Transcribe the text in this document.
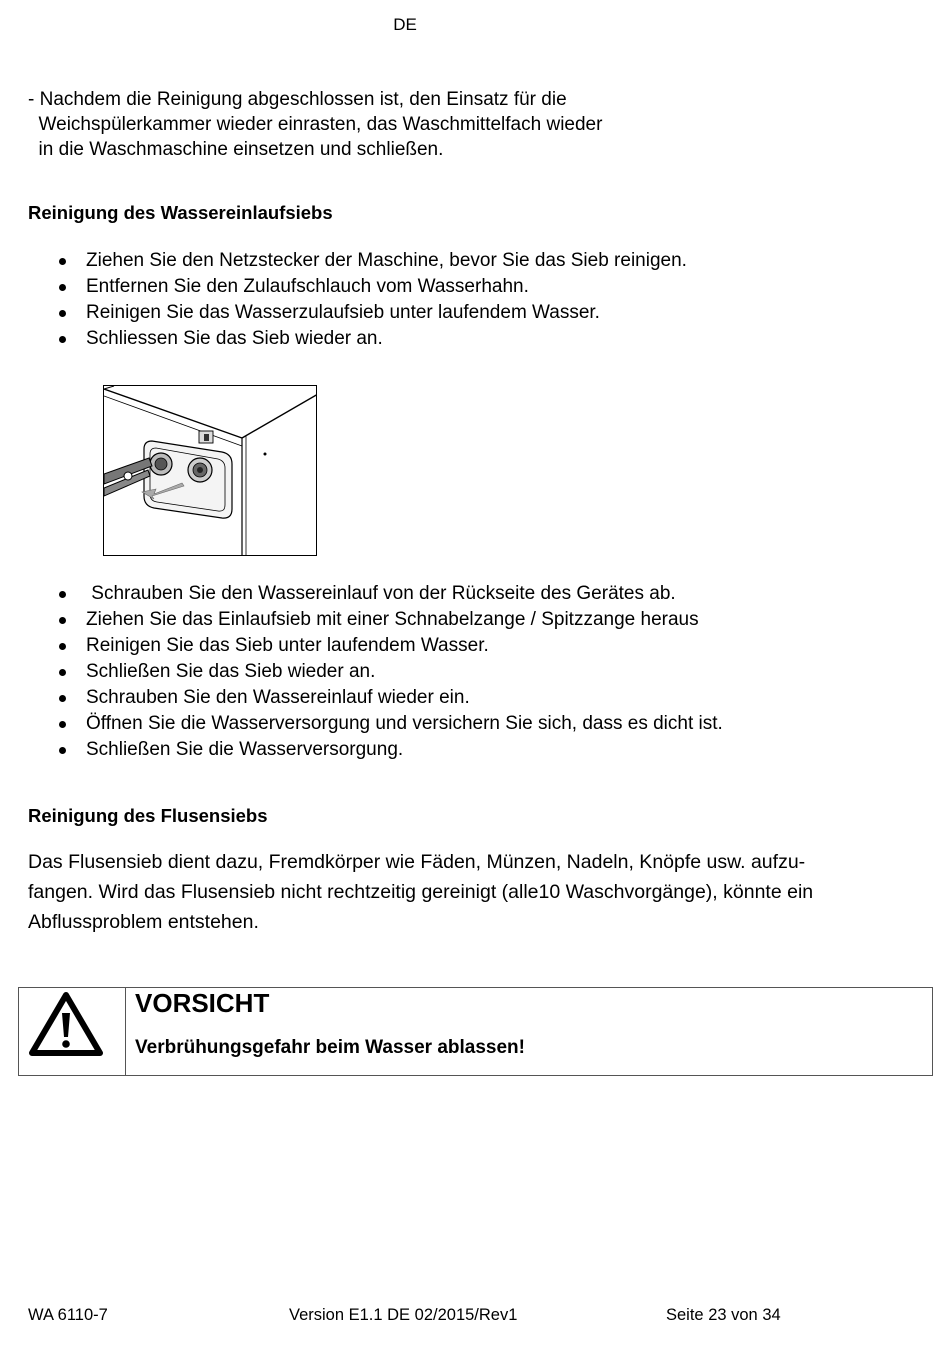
DE
- Nachdem die Reinigung abgeschlossen ist, den Einsatz für die
Weichspülerkammer wieder einrasten, das Waschmittelfach wieder
in die Waschmaschine einsetzen und schließen.
Reinigung des Wassereinlaufsiebs
Ziehen Sie den Netzstecker der Maschine, bevor Sie das Sieb reinigen.
Entfernen Sie den Zulaufschlauch vom Wasserhahn.
Reinigen Sie das Wasserzulaufsieb unter laufendem Wasser.
Schliessen Sie das Sieb wieder an.
Schrauben Sie den Wassereinlauf von der Rückseite des Gerätes ab.
Ziehen Sie das Einlaufsieb mit einer Schnabelzange / Spitzzange heraus
Reinigen Sie das Sieb unter laufendem Wasser.
Schließen Sie das Sieb wieder an.
Schrauben Sie den Wassereinlauf wieder ein.
Öffnen Sie die Wasserversorgung und versichern Sie sich, dass es dicht ist.
Schließen Sie die Wasserversorgung.
Reinigung des Flusensiebs
Das Flusensieb dient dazu, Fremdkörper wie Fäden, Münzen, Nadeln, Knöpfe usw. aufzu-
fangen. Wird das Flusensieb nicht rechtzeitig gereinigt (alle10 Waschvorgänge), könnte ein
Abflussproblem entstehen.
VORSICHT
Verbrühungsgefahr beim Wasser ablassen!
WA 6110-7	Version E1.1 DE 02/2015/Rev1	Seite 23 von 34
